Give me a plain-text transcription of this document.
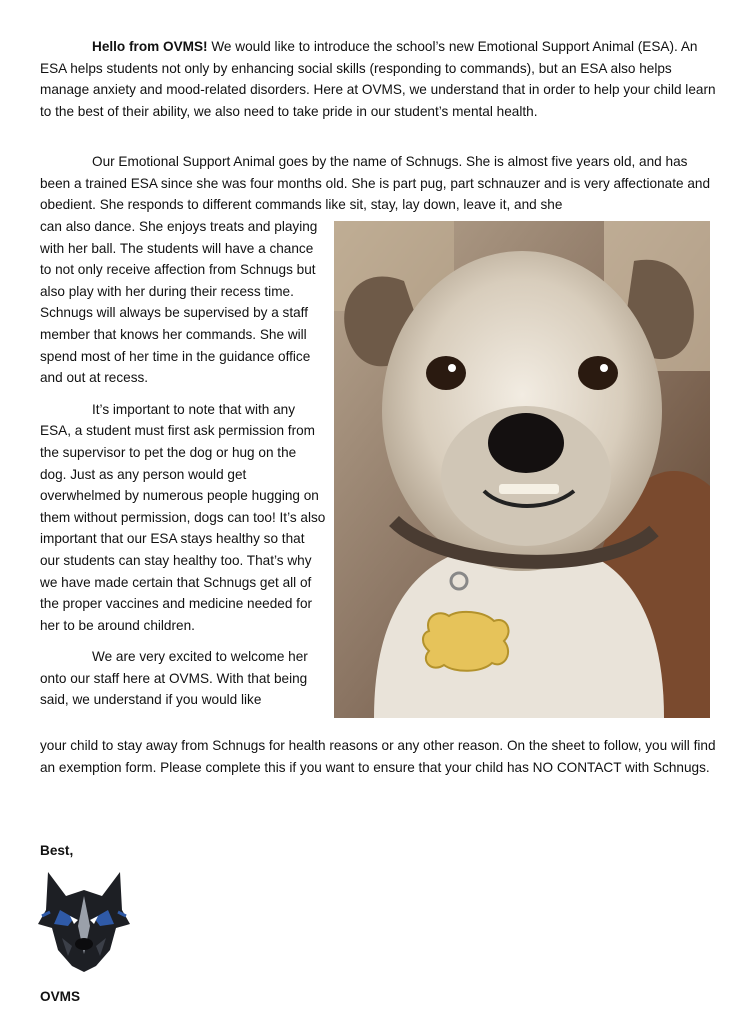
Hello from OVMS! We would like to introduce the school’s new Emotional Support Animal (ESA). An ESA helps students not only by enhancing social skills (responding to commands), but an ESA also helps manage anxiety and mood-related disorders. Here at OVMS, we understand that in order to help your child learn to the best of their ability, we also need to take pride in our student’s mental health.

Our Emotional Support Animal goes by the name of Schnugs. She is almost five years old, and has been a trained ESA since she was four months old. She is part pug, part schnauzer and is very affectionate and obedient. She responds to different commands like sit, stay, lay down, leave it, and she

can also dance. She enjoys treats and playing with her ball. The students will have a chance to not only receive affection from Schnugs but also play with her during their recess time. Schnugs will always be supervised by a staff member that knows her commands. She will spend most of her time in the guidance office and out at recess.

It’s important to note that with any ESA, a student must first ask permission from the supervisor to pet the dog or hug on the dog. Just as any person would get overwhelmed by numerous people hugging on them without permission, dogs can too! It’s also important that our ESA stays healthy so that our students can stay healthy too. That’s why we have made certain that Schnugs get all of the proper vaccines and medicine needed for her to be around children.

We are very excited to welcome her onto our staff here at OVMS. With that being said, we understand if you would like

your child to stay away from Schnugs for health reasons or any other reason. On the sheet to follow, you will find an exemption form. Please complete this if you want to ensure that your child has NO CONTACT with Schnugs.

Best,
OVMS
